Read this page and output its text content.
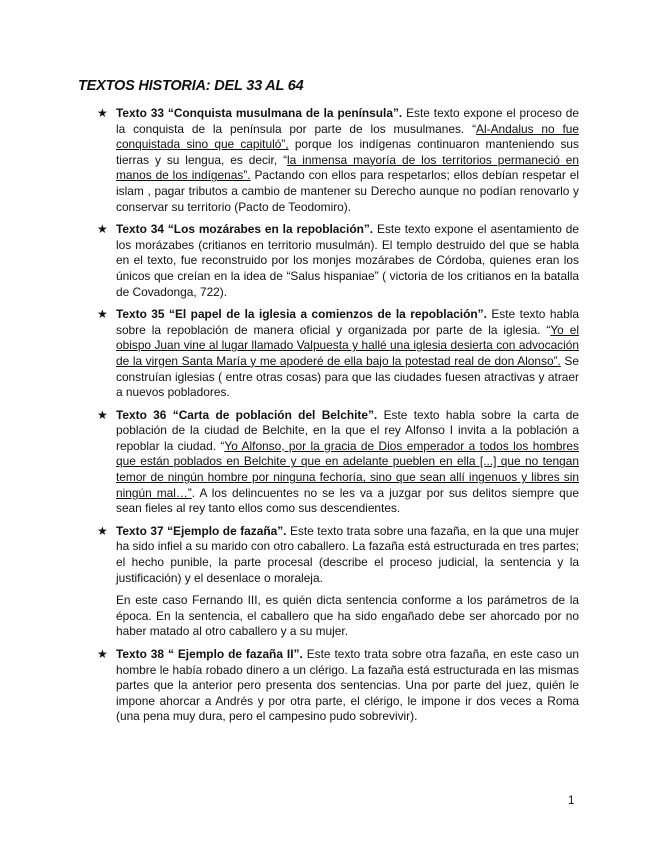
TEXTOS HISTORIA: DEL 33 AL 64
★ Texto 33 “Conquista musulmana de la península”. Este texto expone el proceso de la conquista de la península por parte de los musulmanes. “Al-Andalus no fue conquistada sino que capituló”, porque los indígenas continuaron manteniendo sus tierras y su lengua, es decir, “la inmensa mayoría de los territorios permaneció en manos de los indígenas”. Pactando con ellos para respetarlos; ellos debían respetar el islam , pagar tributos a cambio de mantener su Derecho aunque no podían renovarlo y conservar su territorio (Pacto de Teodomiro).
★ Texto 34 “Los mozárabes en la repoblación”. Este texto expone el asentamiento de los morázabes (critianos en territorio musulmán). El templo destruido del que se habla en el texto, fue reconstruido por los monjes mozárabes de Córdoba, quienes eran los únicos que creían en la idea de “Salus hispaniae” ( victoria de los critianos en la batalla de Covadonga, 722).
★ Texto 35 “El papel de la iglesia a comienzos de la repoblación”. Este texto habla sobre la repoblación de manera oficial y organizada por parte de la iglesia. “Yo el obispo Juan vine al lugar llamado Valpuesta y hallé una iglesia desierta con advocación de la virgen Santa María y me apoderé de ella bajo la potestad real de don Alonso”. Se construían iglesias ( entre otras cosas) para que las ciudades fuesen atractivas y atraer a nuevos pobladores.
★ Texto 36 “Carta de población del Belchite”. Este texto habla sobre la carta de población de la ciudad de Belchite, en la que el rey Alfonso I invita a la población a repoblar la ciudad. “Yo Alfonso, por la gracia de Dios emperador a todos los hombres que están poblados en Belchite y que en adelante pueblen en ella [...] que no tengan temor de ningún hombre por ninguna fechoría, sino que sean allí ingenuos y libres sin ningún mal…”. A los delincuentes no se les va a juzgar por sus delitos siempre que sean fieles al rey tanto ellos como sus descendientes.
★ Texto 37 “Ejemplo de fazaña”. Este texto trata sobre una fazaña, en la que una mujer ha sido infiel a su marido con otro caballero. La fazaña está estructurada en tres partes; el hecho punible, la parte procesal (describe el proceso judicial, la sentencia y la justificación) y el desenlace o moraleja.
En este caso Fernando III, es quién dicta sentencia conforme a los parámetros de la época. En la sentencia, el caballero que ha sido engañado debe ser ahorcado por no haber matado al otro caballero y a su mujer.
★ Texto 38 “ Ejemplo de fazaña II”. Este texto trata sobre otra fazaña, en este caso un hombre le había robado dinero a un clérigo. La fazaña está estructurada en las mismas partes que la anterior pero presenta dos sentencias. Una por parte del juez, quién le impone ahorcar a Andrés y por otra parte, el clérigo, le impone ir dos veces a Roma (una pena muy dura, pero el campesino pudo sobrevivir).
1
